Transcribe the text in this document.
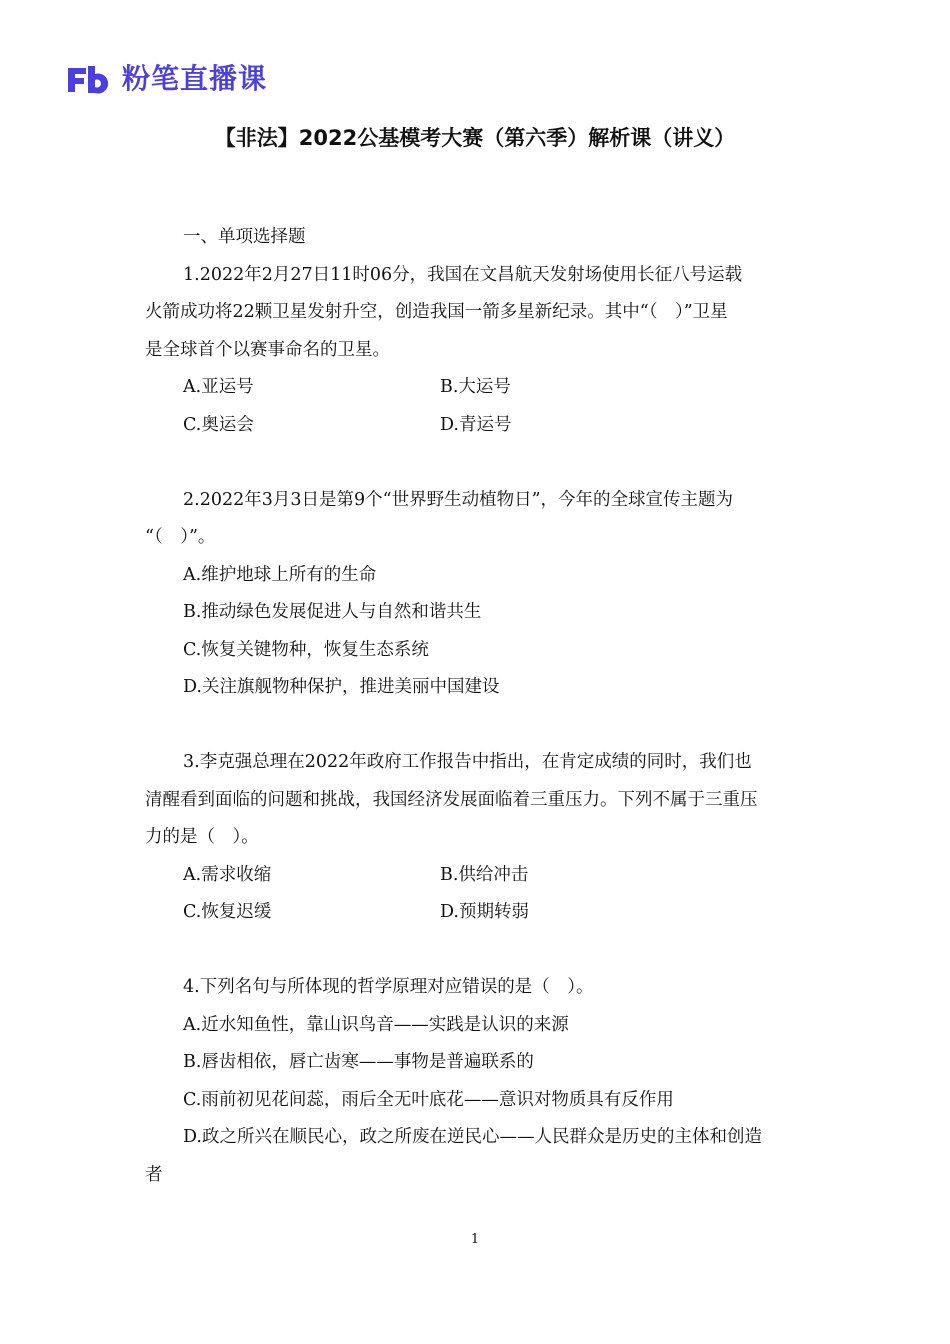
粉笔直播课
【非法】2022公基模考大赛（第六季）解析课（讲义）
一、单项选择题
1.2022年2月27日11时06分，我国在文昌航天发射场使用长征八号运载
火箭成功将22颗卫星发射升空，创造我国一箭多星新纪录。其中“（　）”卫星
是全球首个以赛事命名的卫星。
A.亚运号	B.大运号
C.奥运会	D.青运号
2.2022年3月3日是第9个“世界野生动植物日”，今年的全球宣传主题为
“（　）”。
A.维护地球上所有的生命
B.推动绿色发展促进人与自然和谐共生
C.恢复关键物种，恢复生态系统
D.关注旗舰物种保护，推进美丽中国建设
3.李克强总理在2022年政府工作报告中指出，在肯定成绩的同时，我们也
清醒看到面临的问题和挑战，我国经济发展面临着三重压力。下列不属于三重压
力的是（　）。
A.需求收缩	B.供给冲击
C.恢复迟缓	D.预期转弱
4.下列名句与所体现的哲学原理对应错误的是（　）。
A.近水知鱼性，靠山识鸟音——实践是认识的来源
B.唇齿相依，唇亡齿寒——事物是普遍联系的
C.雨前初见花间蕊，雨后全无叶底花——意识对物质具有反作用
D.政之所兴在顺民心，政之所废在逆民心——人民群众是历史的主体和创造
者
1
